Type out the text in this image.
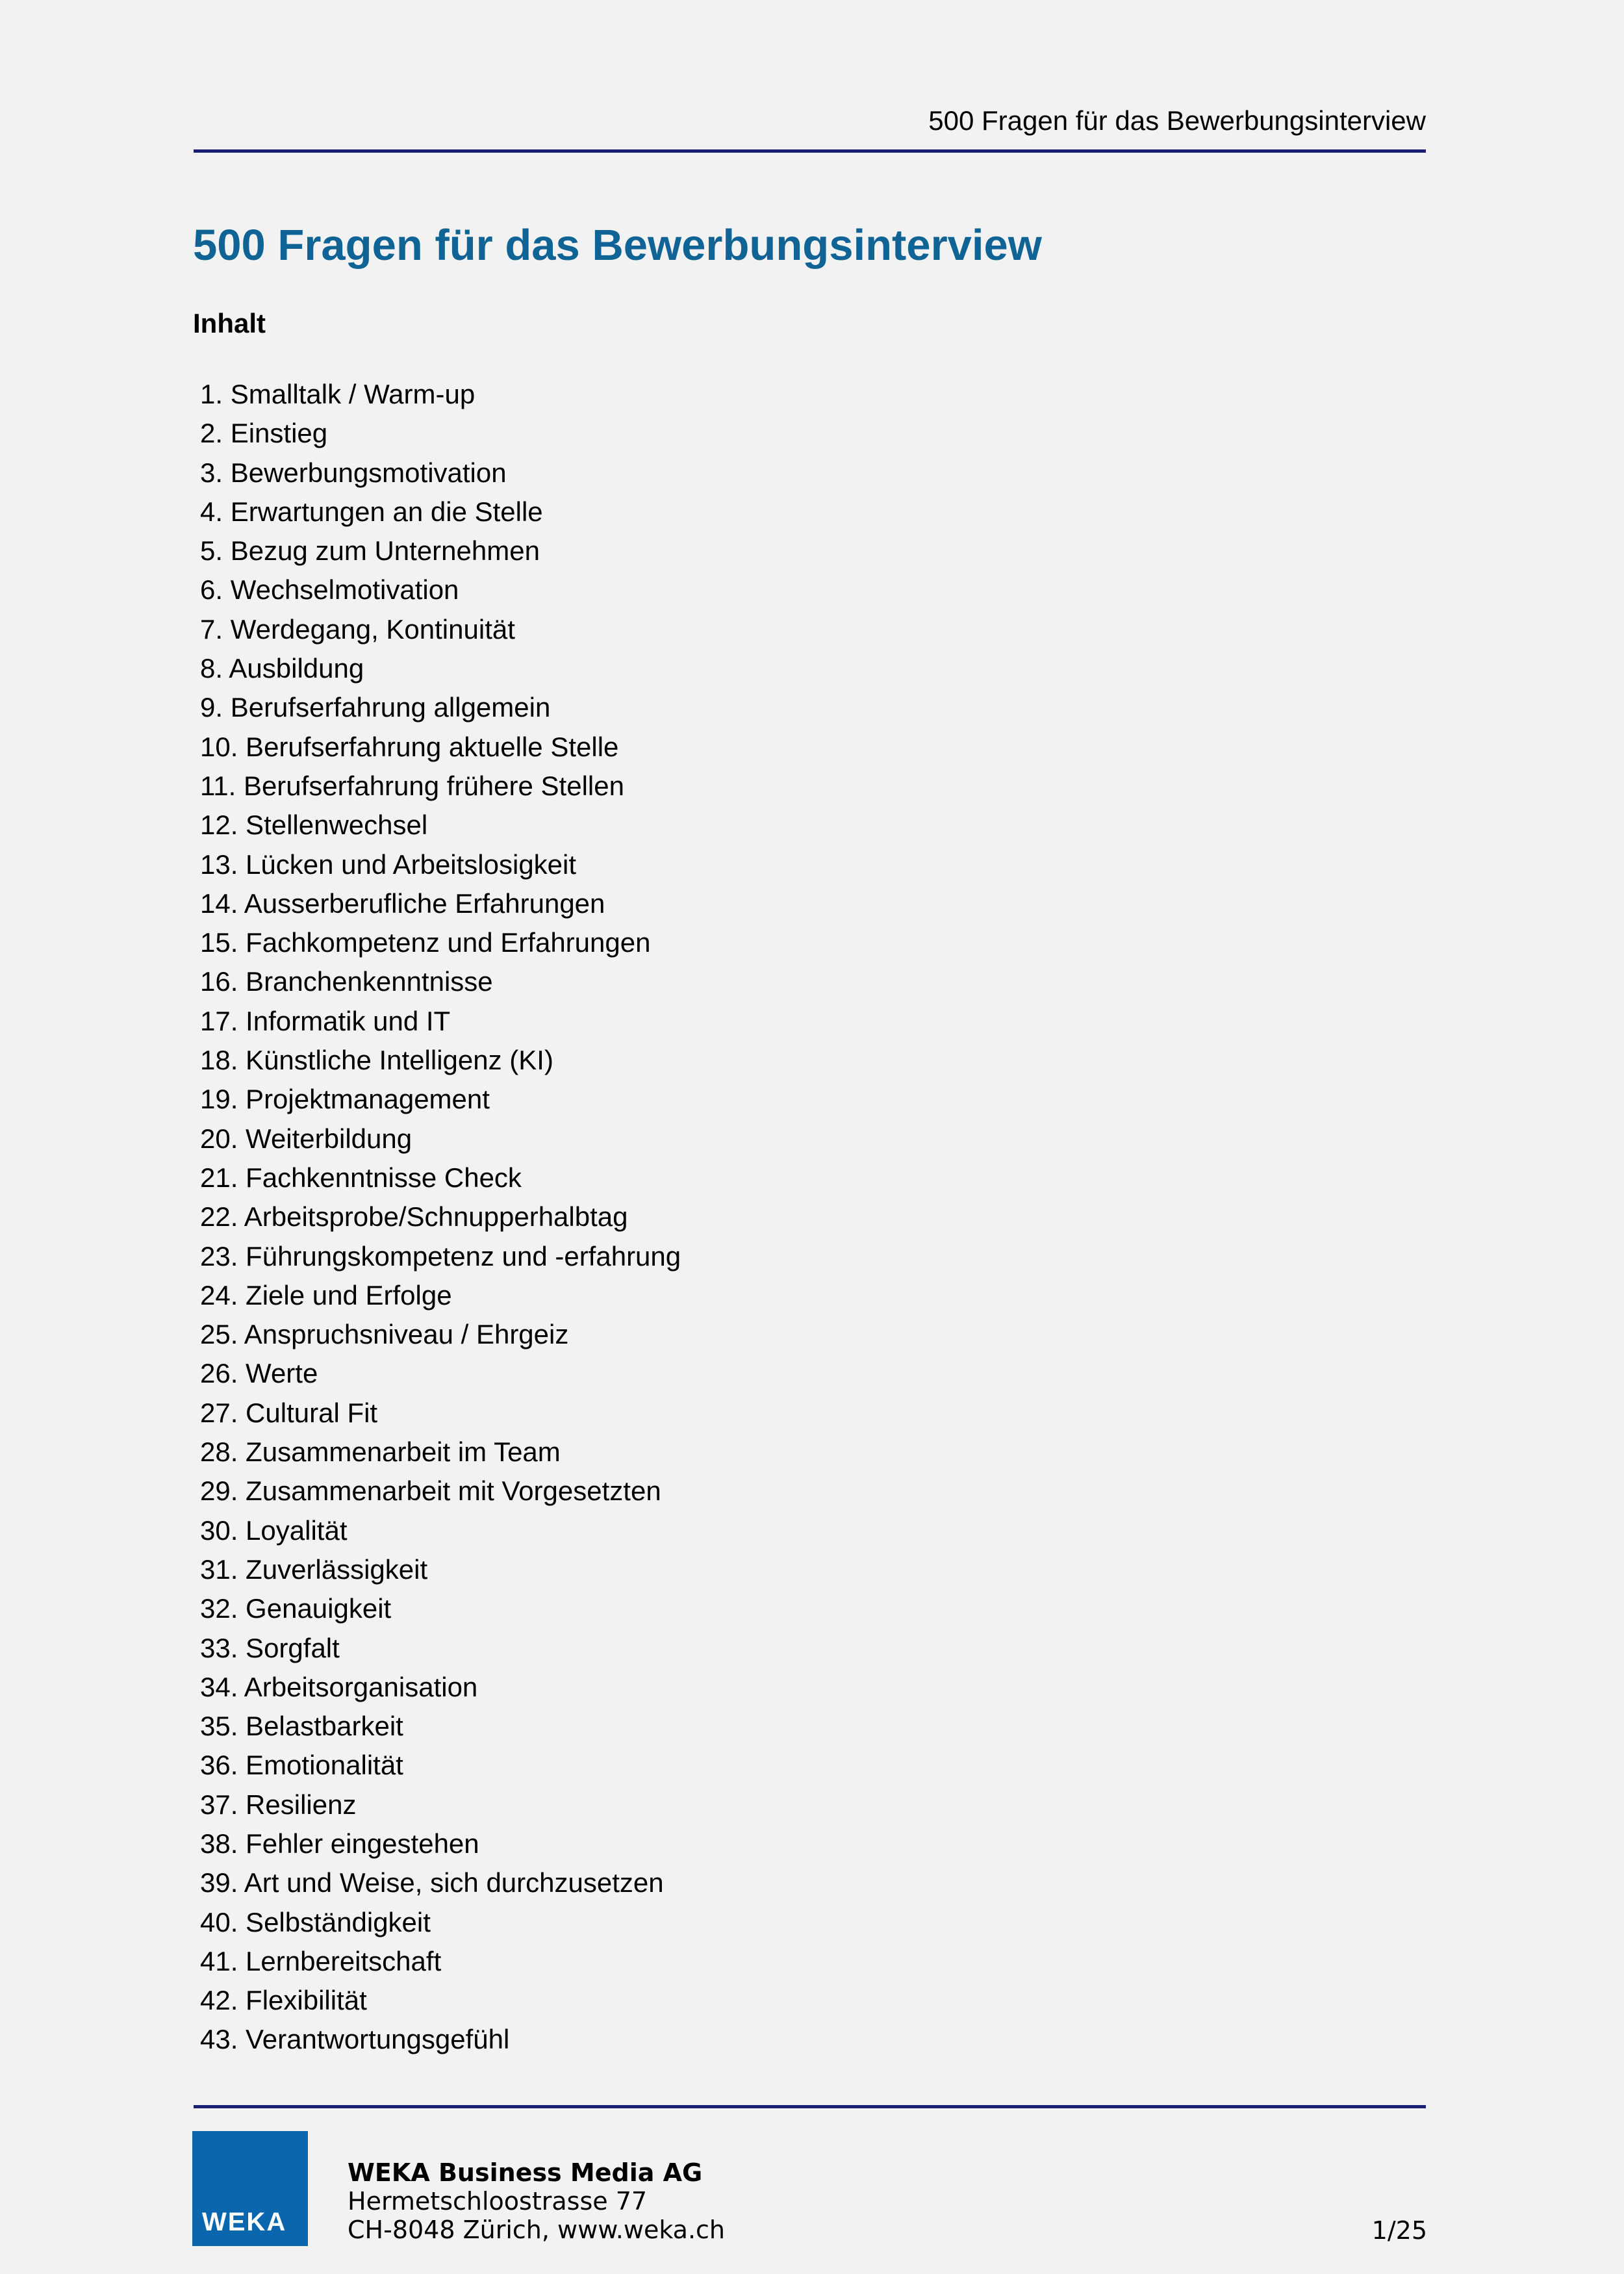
500 Fragen für das Bewerbungsinterview
500 Fragen für das Bewerbungsinterview
Inhalt
1. Smalltalk / Warm-up
2. Einstieg
3. Bewerbungsmotivation
4. Erwartungen an die Stelle
5. Bezug zum Unternehmen
6. Wechselmotivation
7. Werdegang, Kontinuität
8. Ausbildung
9. Berufserfahrung allgemein
10. Berufserfahrung aktuelle Stelle
11. Berufserfahrung frühere Stellen
12. Stellenwechsel
13. Lücken und Arbeitslosigkeit
14. Ausserberufliche Erfahrungen
15. Fachkompetenz und Erfahrungen
16. Branchenkenntnisse
17. Informatik und IT
18. Künstliche Intelligenz (KI)
19. Projektmanagement
20. Weiterbildung
21. Fachkenntnisse Check
22. Arbeitsprobe/Schnupperhalbtag
23. Führungskompetenz und -erfahrung
24. Ziele und Erfolge
25. Anspruchsniveau / Ehrgeiz
26. Werte
27. Cultural Fit
28. Zusammenarbeit im Team
29. Zusammenarbeit mit Vorgesetzten
30. Loyalität
31. Zuverlässigkeit
32. Genauigkeit
33. Sorgfalt
34. Arbeitsorganisation
35. Belastbarkeit
36. Emotionalität
37. Resilienz
38. Fehler eingestehen
39. Art und Weise, sich durchzusetzen
40. Selbständigkeit
41. Lernbereitschaft
42. Flexibilität
43. Verantwortungsgefühl
WEKA
WEKA Business Media AG
Hermetschloostrasse 77
CH-8048 Zürich, www.weka.ch	1/25
